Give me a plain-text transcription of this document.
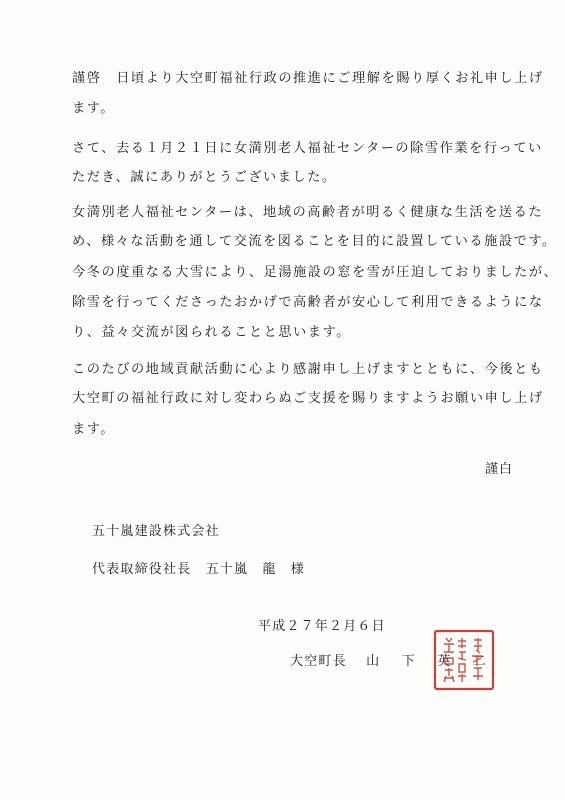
謹啓　日頃より大空町福祉行政の推進にご理解を賜り厚くお礼申し上げ
ます。
さて、去る１月２１日に女満別老人福祉センターの除雪作業を行ってい
ただき、誠にありがとうございました。
女満別老人福祉センターは、地域の高齢者が明るく健康な生活を送るた
め、様々な活動を通して交流を図ることを目的に設置している施設です。
今冬の度重なる大雪により、足湯施設の窓を雪が圧迫しておりましたが、
除雪を行ってくださったおかげで高齢者が安心して利用できるようにな
り、益々交流が図られることと思います。
このたびの地域貢献活動に心より感謝申し上げますとともに、今後とも
大空町の福祉行政に対し変わらぬご支援を賜りますようお願い申し上げ
ます。
謹白
五十嵐建設株式会社
代表取締役社長　五十嵐　龍　様
平成２７年２月６日
大空町長 山 下 英 二
